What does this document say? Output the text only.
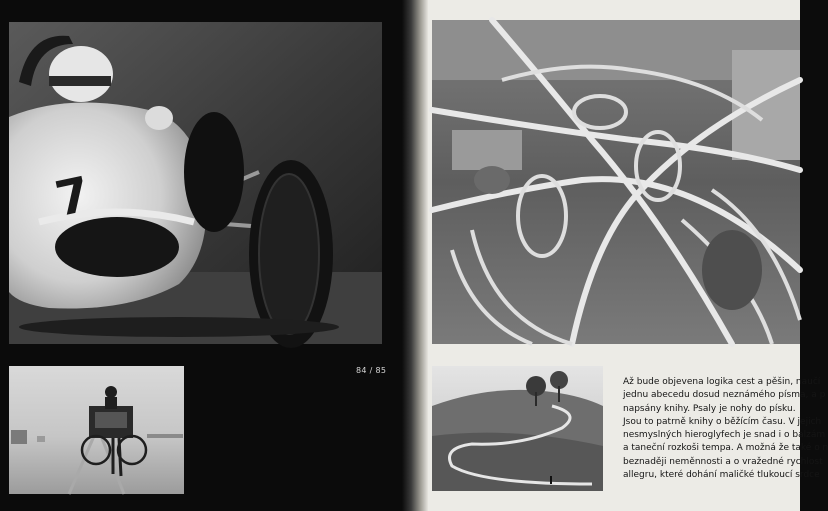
7
84 / 85
Až bude objevena logika cest a pěšin, naučí
jednu abecedu dosud neznámého písma, a p
napsány knihy. Psaly je nohy do písku.
Jsou to patrně knihy o běžícím času. V jejich
nesmyslných hieroglyfech je snad i o balzám
a taneční rozkoši tempa. A možná že také o n
beznaději neměnnosti a o vražedné rychlost
allegru, které dohání maličké tlukoucí srdce
